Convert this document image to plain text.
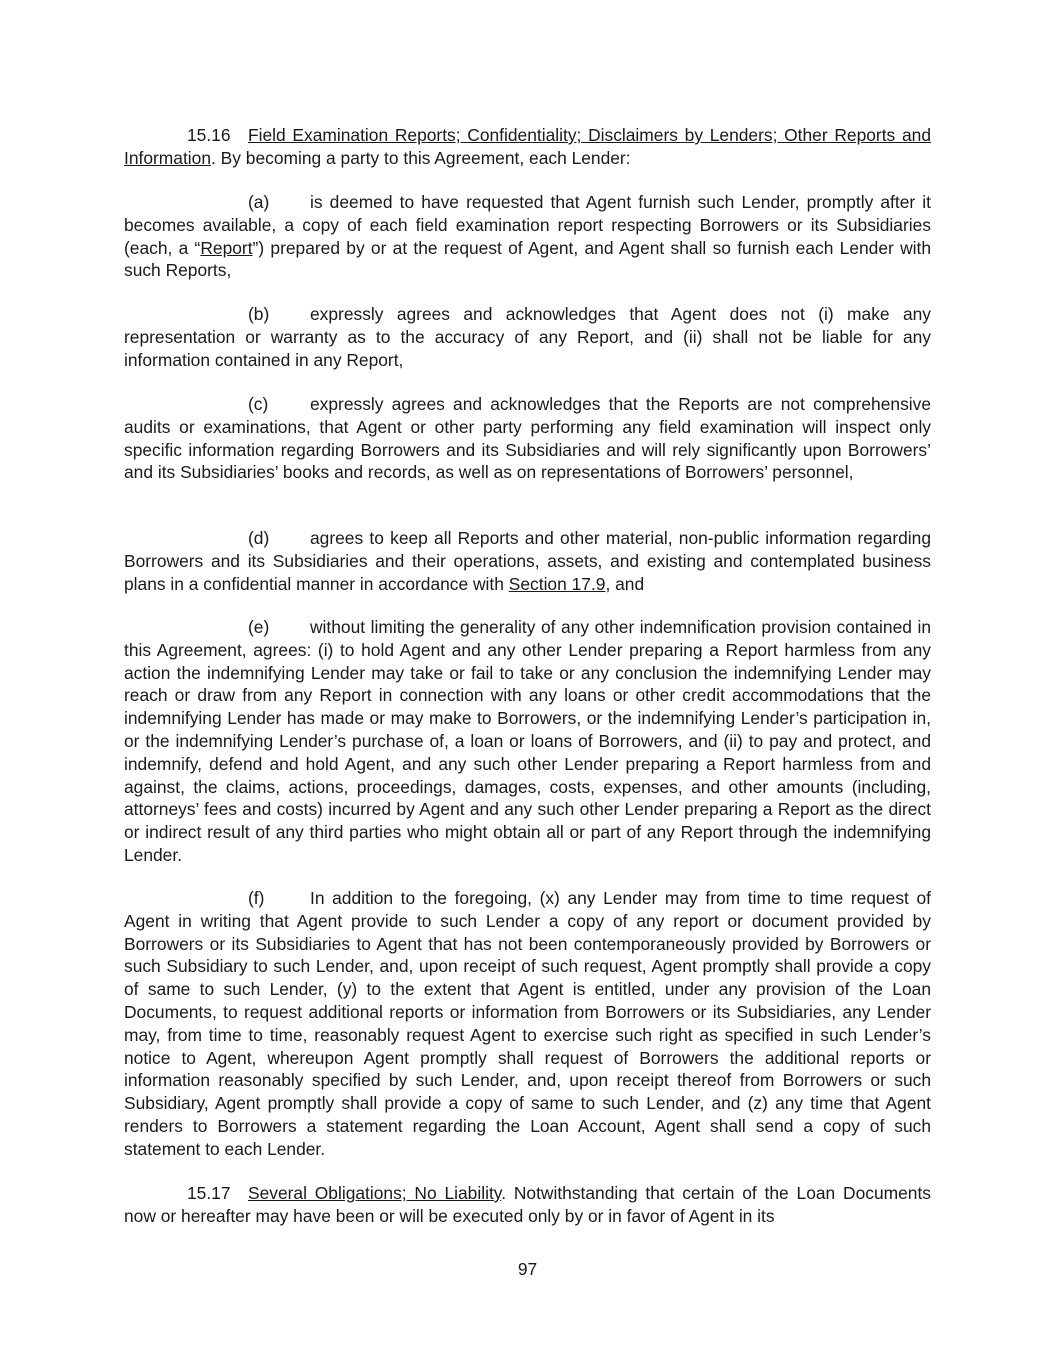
15.16 Field Examination Reports; Confidentiality; Disclaimers by Lenders; Other Reports and Information. By becoming a party to this Agreement, each Lender:

(a) is deemed to have requested that Agent furnish such Lender, promptly after it becomes available, a copy of each field examination report respecting Borrowers or its Subsidiaries (each, a “Report”) prepared by or at the request of Agent, and Agent shall so furnish each Lender with such Reports,

(b) expressly agrees and acknowledges that Agent does not (i) make any representation or warranty as to the accuracy of any Report, and (ii) shall not be liable for any information contained in any Report,

(c) expressly agrees and acknowledges that the Reports are not comprehensive audits or examinations, that Agent or other party performing any field examination will inspect only specific information regarding Borrowers and its Subsidiaries and will rely significantly upon Borrowers’ and its Subsidiaries’ books and records, as well as on representations of Borrowers’ personnel,

(d) agrees to keep all Reports and other material, non-public information regarding Borrowers and its Subsidiaries and their operations, assets, and existing and contemplated business plans in a confidential manner in accordance with Section 17.9, and

(e) without limiting the generality of any other indemnification provision contained in this Agreement, agrees: (i) to hold Agent and any other Lender preparing a Report harmless from any action the indemnifying Lender may take or fail to take or any conclusion the indemnifying Lender may reach or draw from any Report in connection with any loans or other credit accommodations that the indemnifying Lender has made or may make to Borrowers, or the indemnifying Lender’s participation in, or the indemnifying Lender’s purchase of, a loan or loans of Borrowers, and (ii) to pay and protect, and indemnify, defend and hold Agent, and any such other Lender preparing a Report harmless from and against, the claims, actions, proceedings, damages, costs, expenses, and other amounts (including, attorneys’ fees and costs) incurred by Agent and any such other Lender preparing a Report as the direct or indirect result of any third parties who might obtain all or part of any Report through the indemnifying Lender.

(f)	In addition to the foregoing, (x) any Lender may from time to time request of Agent in writing that Agent provide to such Lender a copy of any report or document provided by Borrowers or its Subsidiaries to Agent that has not been contemporaneously provided by Borrowers or such Subsidiary to such Lender, and, upon receipt of such request, Agent promptly shall provide a copy of same to such Lender, (y) to the extent that Agent is entitled, under any provision of the Loan Documents, to request additional reports or information from Borrowers or its Subsidiaries, any Lender may, from time to time, reasonably request Agent to exercise such right as specified in such Lender’s notice to Agent, whereupon Agent promptly shall request of Borrowers the additional reports or information reasonably specified by such Lender, and, upon receipt thereof from Borrowers or such Subsidiary, Agent promptly shall provide a copy of same to such Lender, and (z) any time that Agent renders to Borrowers a statement regarding the Loan Account, Agent shall send a copy of such statement to each Lender.

15.17 Several Obligations; No Liability. Notwithstanding that certain of the Loan Documents now or hereafter may have been or will be executed only by or in favor of Agent in its

97
